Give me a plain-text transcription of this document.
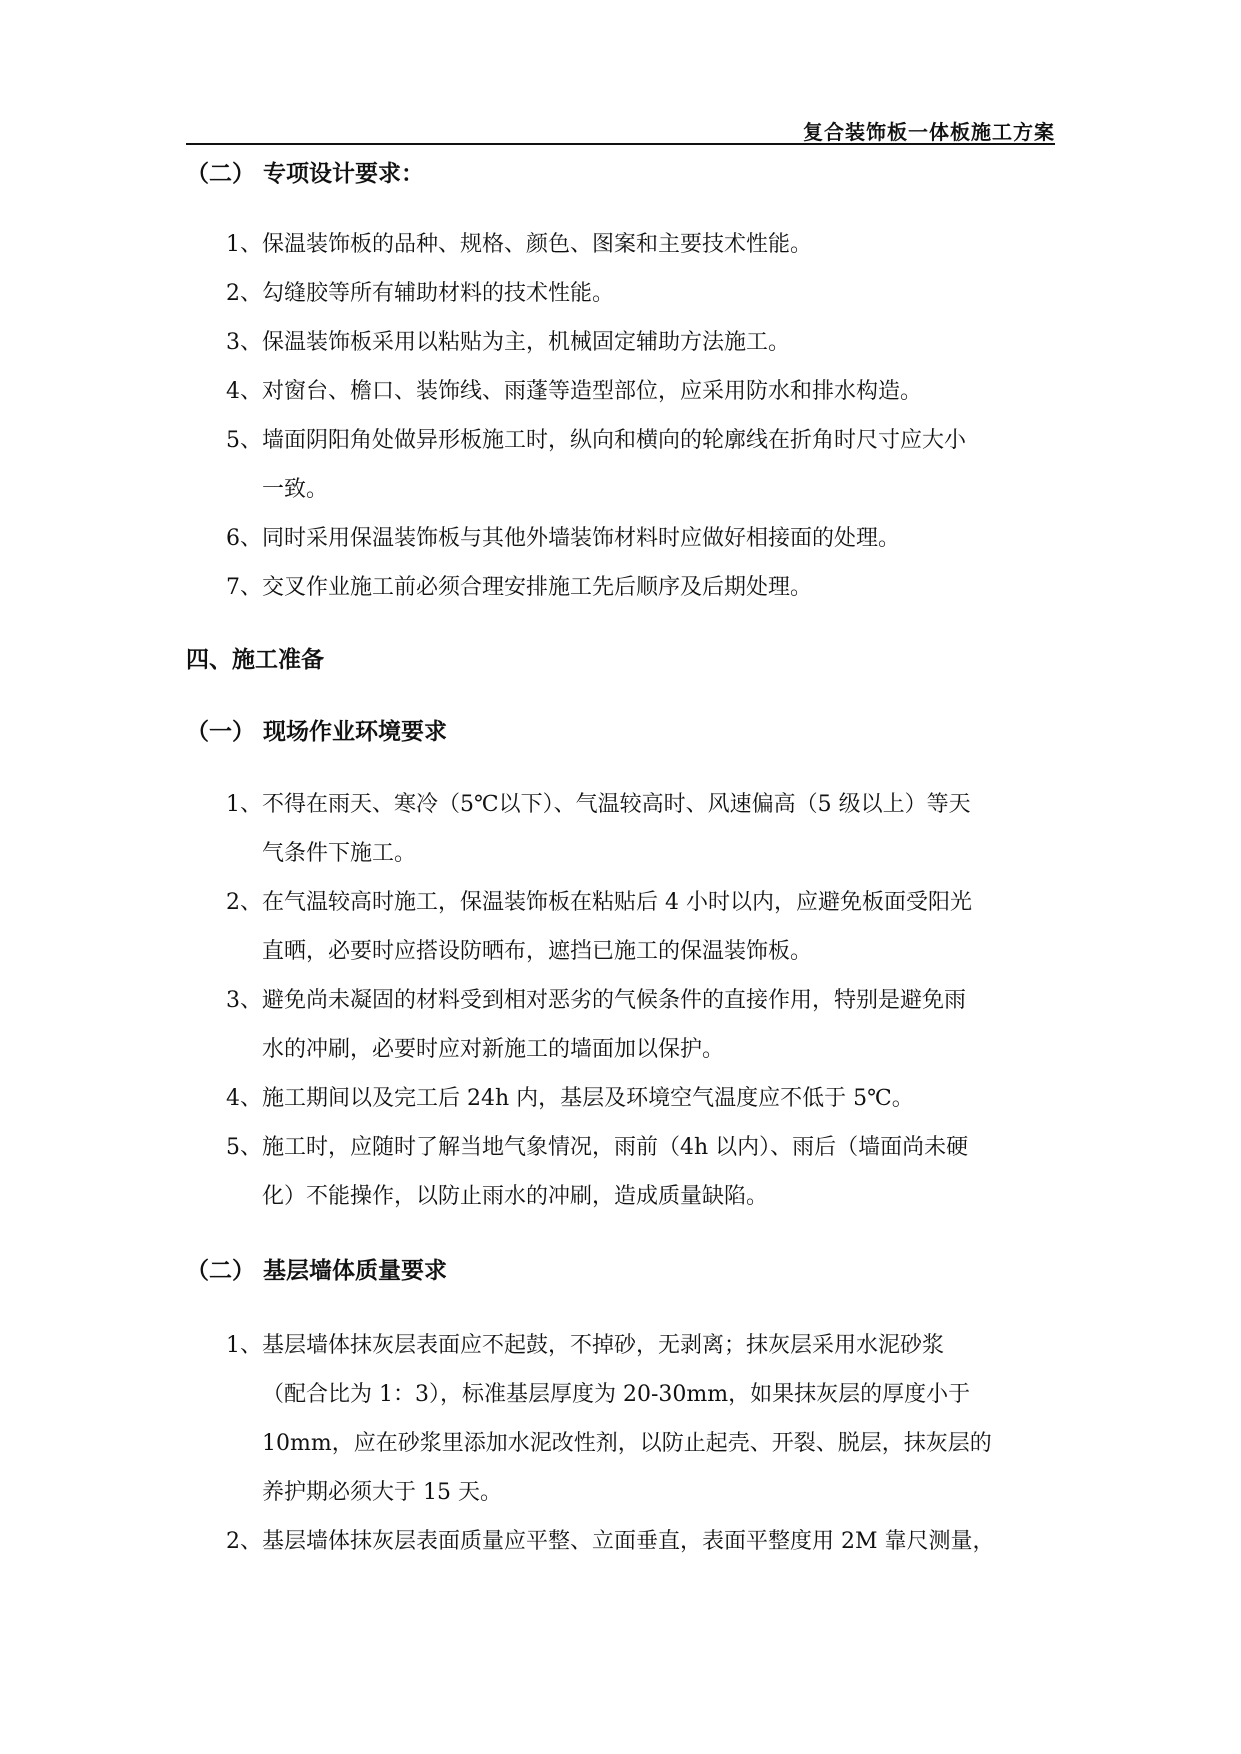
复合装饰板一体板施工方案
（二） 专项设计要求：
1、保温装饰板的品种、规格、颜色、图案和主要技术性能。
2、勾缝胶等所有辅助材料的技术性能。
3、保温装饰板采用以粘贴为主，机械固定辅助方法施工。
4、对窗台、檐口、装饰线、雨蓬等造型部位，应采用防水和排水构造。
5、墙面阴阳角处做异形板施工时，纵向和横向的轮廓线在折角时尺寸应大小
一致。
6、同时采用保温装饰板与其他外墙装饰材料时应做好相接面的处理。
7、交叉作业施工前必须合理安排施工先后顺序及后期处理。
四、施工准备
（一） 现场作业环境要求
1、不得在雨天、寒冷（5℃以下）、气温较高时、风速偏高（5 级以上）等天
气条件下施工。
2、在气温较高时施工，保温装饰板在粘贴后 4 小时以内，应避免板面受阳光
直晒，必要时应搭设防晒布，遮挡已施工的保温装饰板。
3、避免尚未凝固的材料受到相对恶劣的气候条件的直接作用，特别是避免雨
水的冲刷，必要时应对新施工的墙面加以保护。
4、施工期间以及完工后 24h 内，基层及环境空气温度应不低于 5℃。
5、施工时，应随时了解当地气象情况，雨前（4h 以内）、雨后（墙面尚未硬
化）不能操作，以防止雨水的冲刷，造成质量缺陷。
（二） 基层墙体质量要求
1、基层墙体抹灰层表面应不起鼓，不掉砂，无剥离；抹灰层采用水泥砂浆
（配合比为 1：3），标准基层厚度为 20-30mm，如果抹灰层的厚度小于
10mm，应在砂浆里添加水泥改性剂，以防止起壳、开裂、脱层，抹灰层的
养护期必须大于 15 天。
2、基层墙体抹灰层表面质量应平整、立面垂直，表面平整度用 2M 靠尺测量，
